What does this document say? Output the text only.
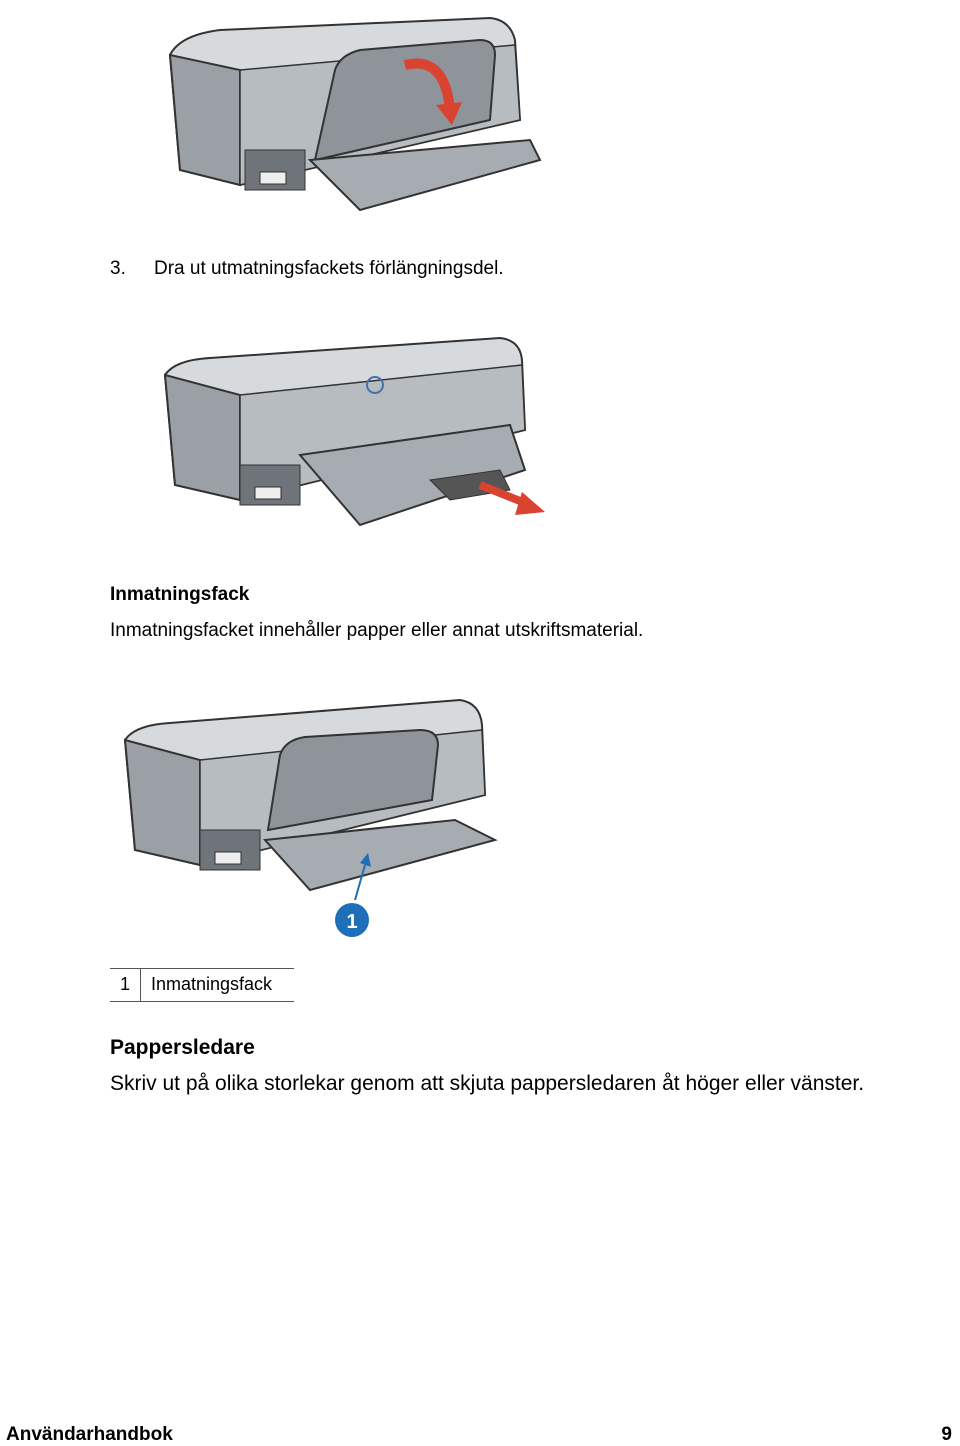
3. Dra ut utmatningsfackets förlängningsdel.
Inmatningsfack
Inmatningsfacket innehåller papper eller annat utskriftsmaterial.
1
1	Inmatningsfack
Pappersledare
Skriv ut på olika storlekar genom att skjuta pappersledaren åt höger eller vänster.
Användarhandbok	9
